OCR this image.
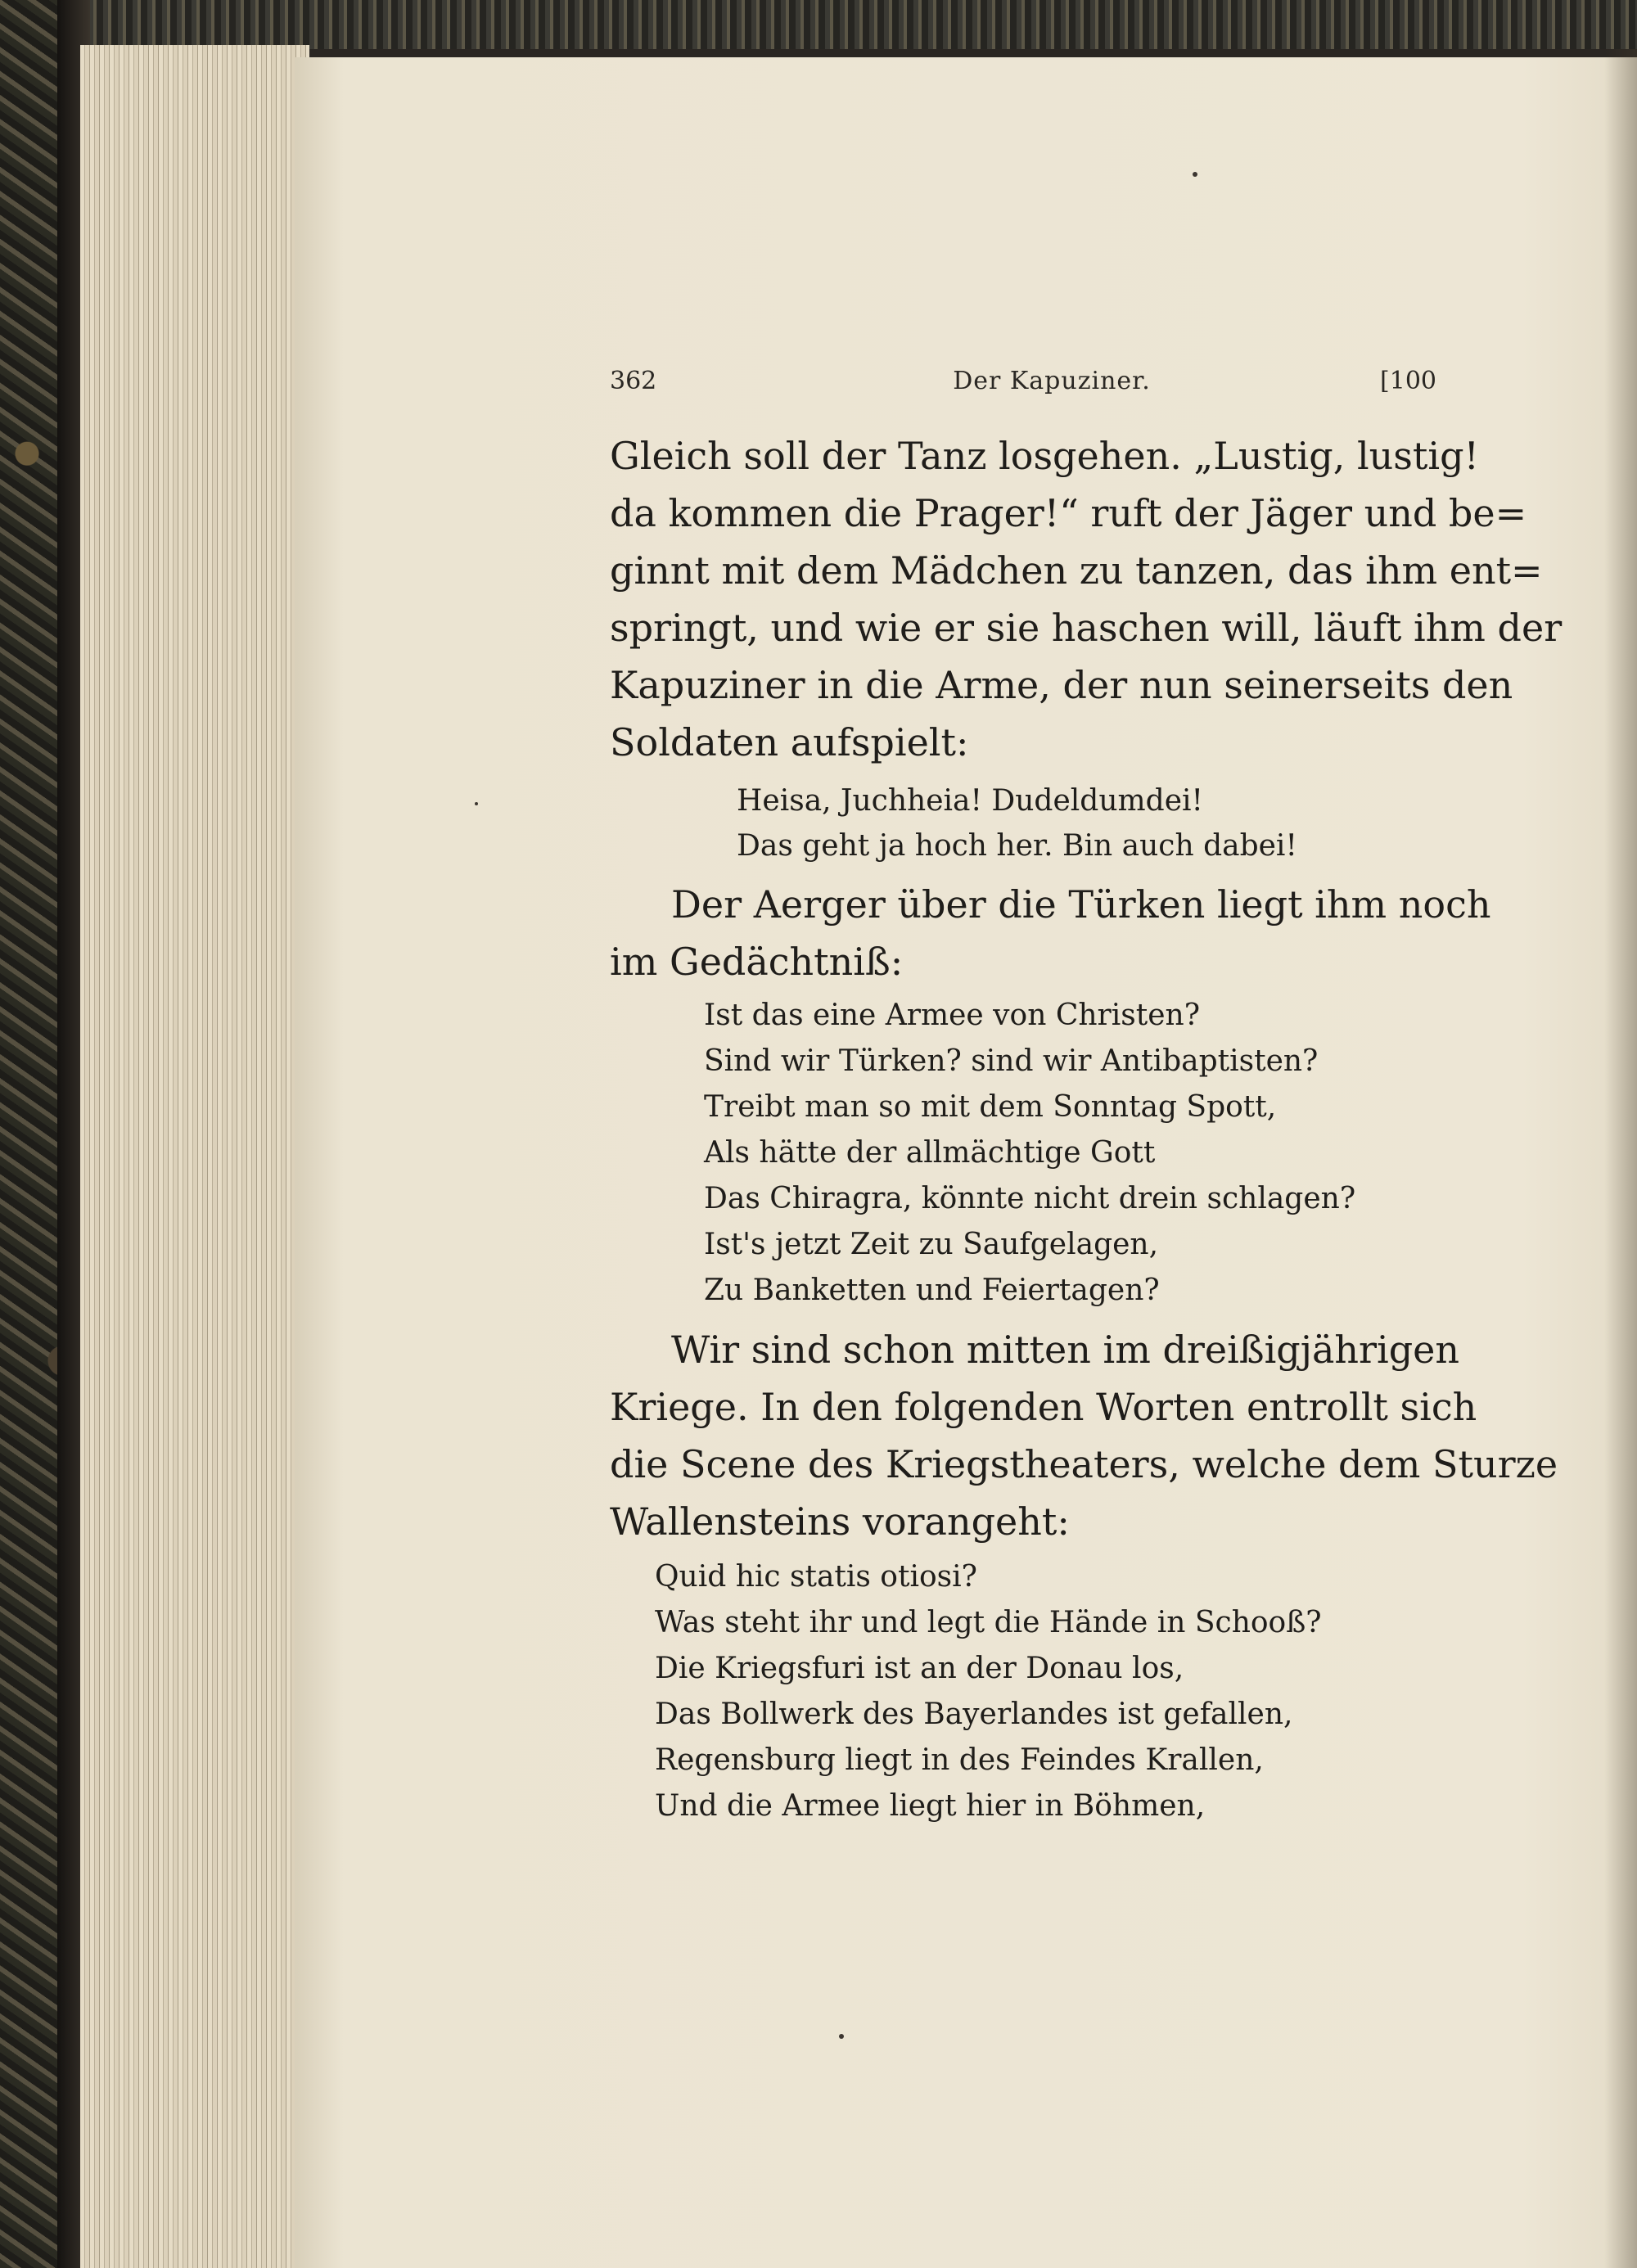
362	Der Kapuziner.	[100
Gleich soll der Tanz losgehen. „Lustig, lustig!
da kommen die Prager!“ ruft der Jäger und be=
ginnt mit dem Mädchen zu tanzen, das ihm ent=
springt, und wie er sie haschen will, läuft ihm der
Kapuziner in die Arme, der nun seinerseits den
Soldaten aufspielt:
Heisa, Juchheia! Dudeldumdei!
Das geht ja hoch her. Bin auch dabei!
Der Aerger über die Türken liegt ihm noch
im Gedächtniß:
Ist das eine Armee von Christen?
Sind wir Türken? sind wir Antibaptisten?
Treibt man so mit dem Sonntag Spott,
Als hätte der allmächtige Gott
Das Chiragra, könnte nicht drein schlagen?
Ist's jetzt Zeit zu Saufgelagen,
Zu Banketten und Feiertagen?
Wir sind schon mitten im dreißigjährigen
Kriege. In den folgenden Worten entrollt sich
die Scene des Kriegstheaters, welche dem Sturze
Wallensteins vorangeht:
Quid hic statis otiosi?
Was steht ihr und legt die Hände in Schooß?
Die Kriegsfuri ist an der Donau los,
Das Bollwerk des Bayerlandes ist gefallen,
Regensburg liegt in des Feindes Krallen,
Und die Armee liegt hier in Böhmen,
